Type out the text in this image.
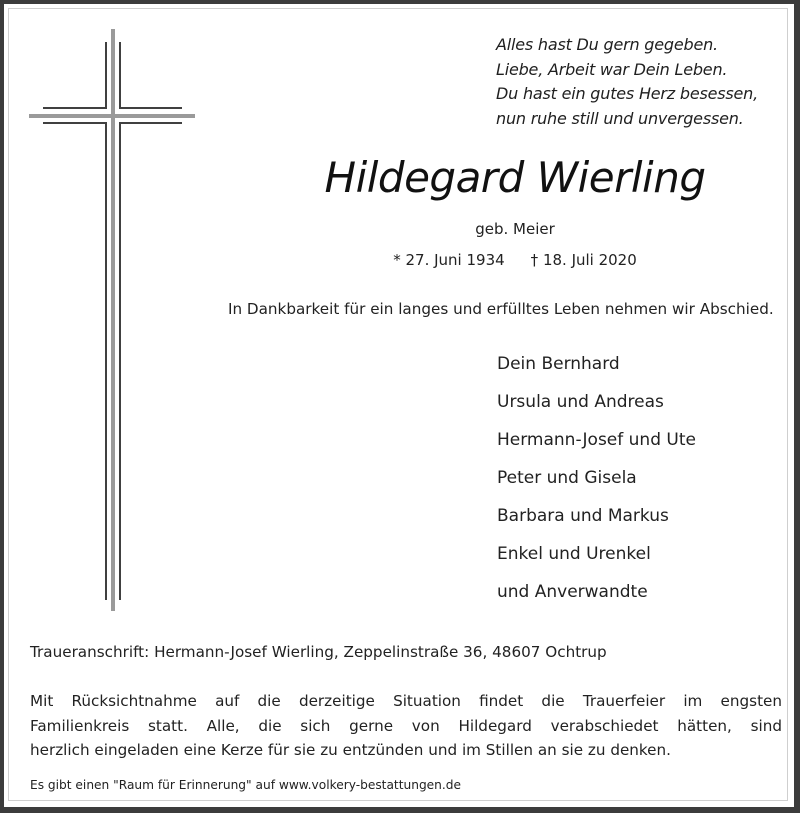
Alles hast Du gern gegeben.
Liebe, Arbeit war Dein Leben.
Du hast ein gutes Herz besessen,
nun ruhe still und unvergessen.
Hildegard Wierling
geb. Meier
* 27. Juni 1934 † 18. Juli 2020
In Dankbarkeit für ein langes und erfülltes Leben nehmen wir Abschied.
Dein Bernhard
Ursula und Andreas
Hermann-Josef und Ute
Peter und Gisela
Barbara und Markus
Enkel und Urenkel
und Anverwandte
Traueranschrift: Hermann-Josef Wierling, Zeppelinstraße 36, 48607 Ochtrup
Mit Rücksichtnahme auf die derzeitige Situation findet die Trauerfeier im engsten
Familienkreis statt. Alle, die sich gerne von Hildegard verabschiedet hätten, sind
herzlich eingeladen eine Kerze für sie zu entzünden und im Stillen an sie zu denken.
Es gibt einen "Raum für Erinnerung" auf www.volkery-bestattungen.de
